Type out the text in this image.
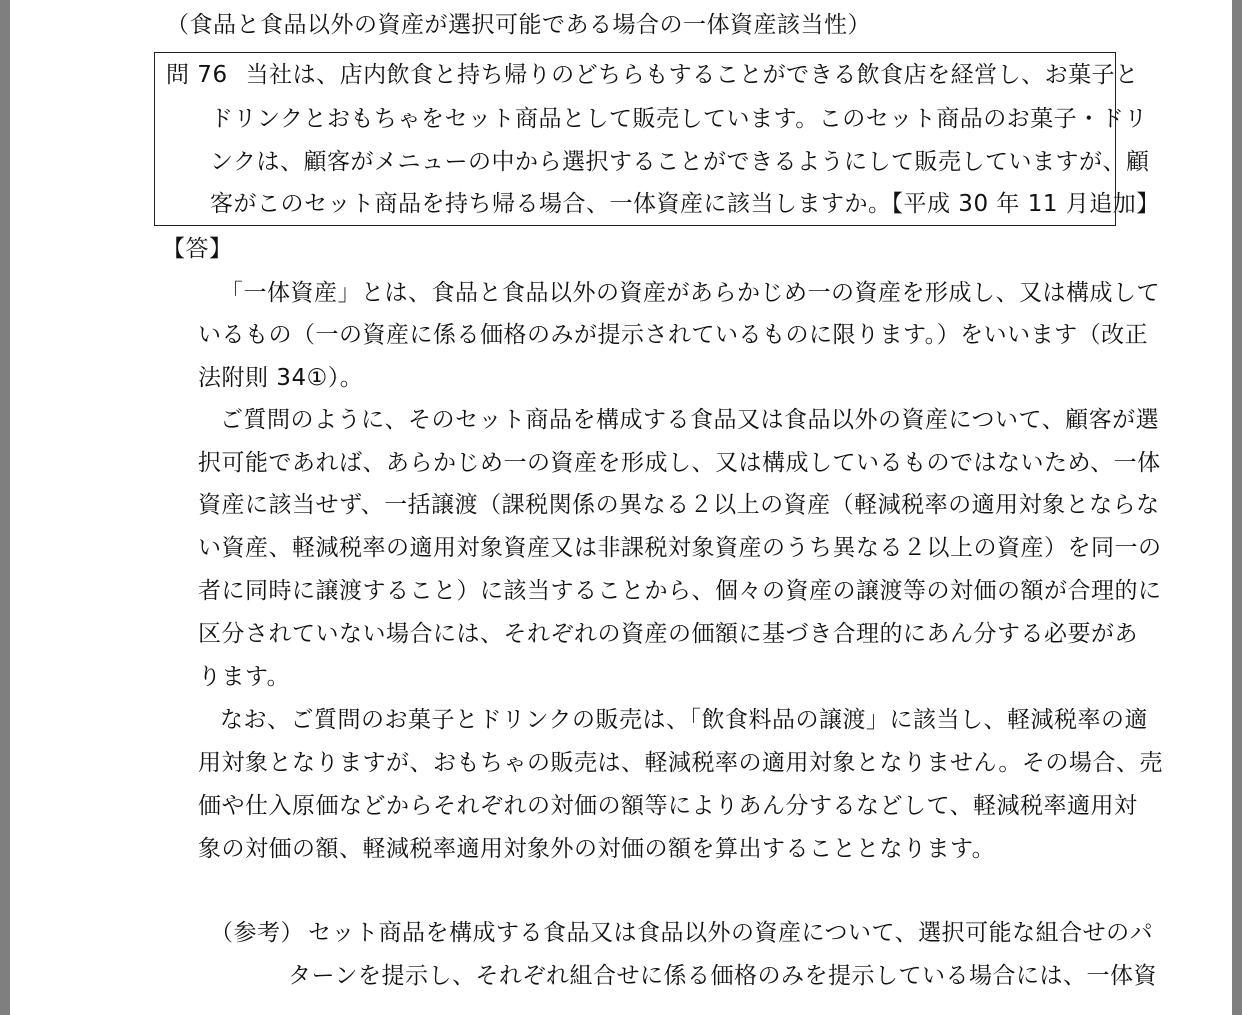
（食品と食品以外の資産が選択可能である場合の一体資産該当性）
問 76 当社は、店内飲食と持ち帰りのどちらもすることができる飲食店を経営し、お菓子と
ドリンクとおもちゃをセット商品として販売しています。このセット商品のお菓子・ドリ
ンクは、顧客がメニューの中から選択することができるようにして販売していますが、顧
客がこのセット商品を持ち帰る場合、一体資産に該当しますか。【平成 30 年 11 月追加】
【答】
「一体資産」とは、食品と食品以外の資産があらかじめ一の資産を形成し、又は構成して
いるもの（一の資産に係る価格のみが提示されているものに限ります。）をいいます（改正
法附則 34①）。
ご質問のように、そのセット商品を構成する食品又は食品以外の資産について、顧客が選
択可能であれば、あらかじめ一の資産を形成し、又は構成しているものではないため、一体
資産に該当せず、一括譲渡（課税関係の異なる２以上の資産（軽減税率の適用対象とならな
い資産、軽減税率の適用対象資産又は非課税対象資産のうち異なる２以上の資産）を同一の
者に同時に譲渡すること）に該当することから、個々の資産の譲渡等の対価の額が合理的に
区分されていない場合には、それぞれの資産の価額に基づき合理的にあん分する必要があ
ります。
なお、ご質問のお菓子とドリンクの販売は、「飲食料品の譲渡」に該当し、軽減税率の適
用対象となりますが、おもちゃの販売は、軽減税率の適用対象となりません。その場合、売
価や仕入原価などからそれぞれの対価の額等によりあん分するなどして、軽減税率適用対
象の対価の額、軽減税率適用対象外の対価の額を算出することとなります。
（参考） セット商品を構成する食品又は食品以外の資産について、選択可能な組合せのパ
ターンを提示し、それぞれ組合せに係る価格のみを提示している場合には、一体資
